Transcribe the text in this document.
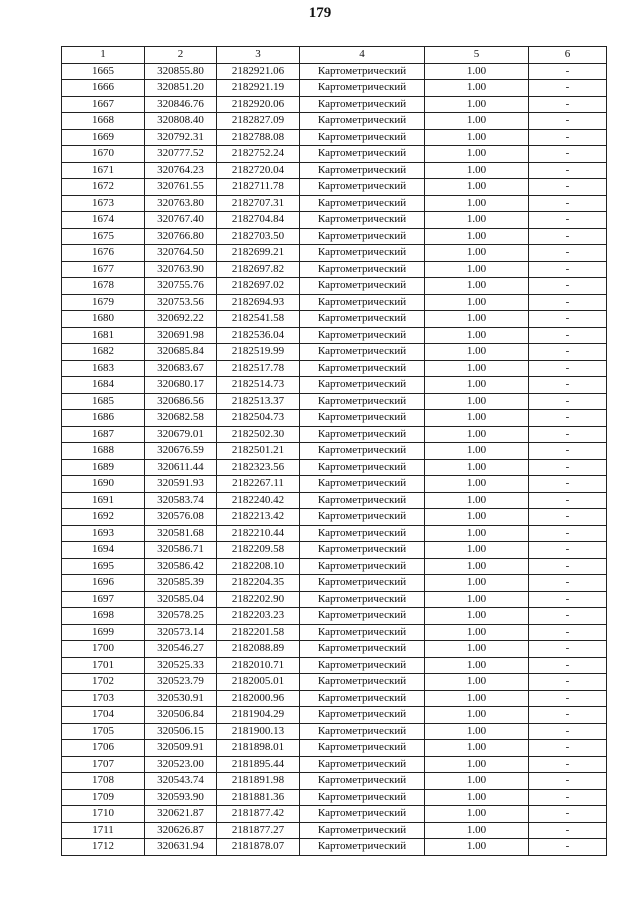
179
1	2	3	4	5	6
1665	320855.80	2182921.06	Картометрический	1.00	-
1666	320851.20	2182921.19	Картометрический	1.00	-
1667	320846.76	2182920.06	Картометрический	1.00	-
1668	320808.40	2182827.09	Картометрический	1.00	-
1669	320792.31	2182788.08	Картометрический	1.00	-
1670	320777.52	2182752.24	Картометрический	1.00	-
1671	320764.23	2182720.04	Картометрический	1.00	-
1672	320761.55	2182711.78	Картометрический	1.00	-
1673	320763.80	2182707.31	Картометрический	1.00	-
1674	320767.40	2182704.84	Картометрический	1.00	-
1675	320766.80	2182703.50	Картометрический	1.00	-
1676	320764.50	2182699.21	Картометрический	1.00	-
1677	320763.90	2182697.82	Картометрический	1.00	-
1678	320755.76	2182697.02	Картометрический	1.00	-
1679	320753.56	2182694.93	Картометрический	1.00	-
1680	320692.22	2182541.58	Картометрический	1.00	-
1681	320691.98	2182536.04	Картометрический	1.00	-
1682	320685.84	2182519.99	Картометрический	1.00	-
1683	320683.67	2182517.78	Картометрический	1.00	-
1684	320680.17	2182514.73	Картометрический	1.00	-
1685	320686.56	2182513.37	Картометрический	1.00	-
1686	320682.58	2182504.73	Картометрический	1.00	-
1687	320679.01	2182502.30	Картометрический	1.00	-
1688	320676.59	2182501.21	Картометрический	1.00	-
1689	320611.44	2182323.56	Картометрический	1.00	-
1690	320591.93	2182267.11	Картометрический	1.00	-
1691	320583.74	2182240.42	Картометрический	1.00	-
1692	320576.08	2182213.42	Картометрический	1.00	-
1693	320581.68	2182210.44	Картометрический	1.00	-
1694	320586.71	2182209.58	Картометрический	1.00	-
1695	320586.42	2182208.10	Картометрический	1.00	-
1696	320585.39	2182204.35	Картометрический	1.00	-
1697	320585.04	2182202.90	Картометрический	1.00	-
1698	320578.25	2182203.23	Картометрический	1.00	-
1699	320573.14	2182201.58	Картометрический	1.00	-
1700	320546.27	2182088.89	Картометрический	1.00	-
1701	320525.33	2182010.71	Картометрический	1.00	-
1702	320523.79	2182005.01	Картометрический	1.00	-
1703	320530.91	2182000.96	Картометрический	1.00	-
1704	320506.84	2181904.29	Картометрический	1.00	-
1705	320506.15	2181900.13	Картометрический	1.00	-
1706	320509.91	2181898.01	Картометрический	1.00	-
1707	320523.00	2181895.44	Картометрический	1.00	-
1708	320543.74	2181891.98	Картометрический	1.00	-
1709	320593.90	2181881.36	Картометрический	1.00	-
1710	320621.87	2181877.42	Картометрический	1.00	-
1711	320626.87	2181877.27	Картометрический	1.00	-
1712	320631.94	2181878.07	Картометрический	1.00	-
